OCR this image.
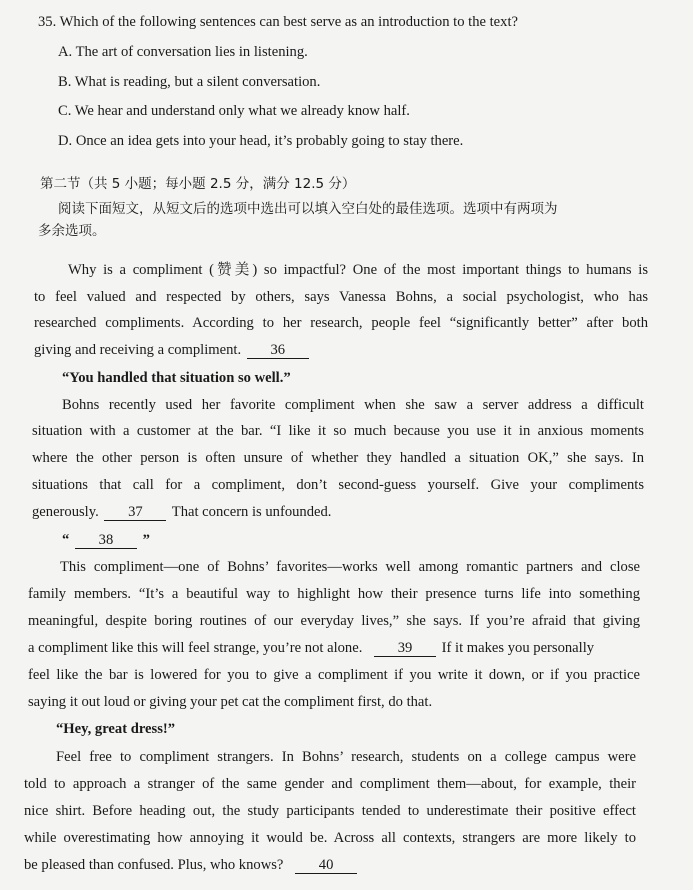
35. Which of the following sentences can best serve as an introduction to the text?
A. The art of conversation lies in listening.
B. What is reading, but a silent conversation.
C. We hear and understand only what we already know half.
D. Once an idea gets into your head, it’s probably going to stay there.
第二节（共 5 小题；每小题 2.5 分，满分 12.5 分）
阅读下面短文，从短文后的选项中选出可以填入空白处的最佳选项。选项中有两项为
多余选项。
Why is a compliment (赞美) so impactful? One of the most important things to humans is
to feel valued and respected by others, says Vanessa Bohns, a social psychologist, who has
researched compliments. According to her research, people feel “significantly better” after both
giving and receiving a compliment. 36
“You handled that situation so well.”
Bohns recently used her favorite compliment when she saw a server address a difficult
situation with a customer at the bar. “I like it so much because you use it in anxious moments
where the other person is often unsure of whether they handled a situation OK,” she says. In
situations that call for a compliment, don’t second-guess yourself. Give your compliments
generously. 37 That concern is unfounded.
“ 38 ”
This compliment—one of Bohns’ favorites—works well among romantic partners and close
family members. “It’s a beautiful way to highlight how their presence turns life into something
meaningful, despite boring routines of our everyday lives,” she says. If you’re afraid that giving
a compliment like this will feel strange, you’re not alone. 39 If it makes you personally
feel like the bar is lowered for you to give a compliment if you write it down, or if you practice
saying it out loud or giving your pet cat the compliment first, do that.
“Hey, great dress!”
Feel free to compliment strangers. In Bohns’ research, students on a college campus were
told to approach a stranger of the same gender and compliment them—about, for example, their
nice shirt. Before heading out, the study participants tended to underestimate their positive effect
while overestimating how annoying it would be. Across all contexts, strangers are more likely to
be pleased than confused. Plus, who knows? 40
